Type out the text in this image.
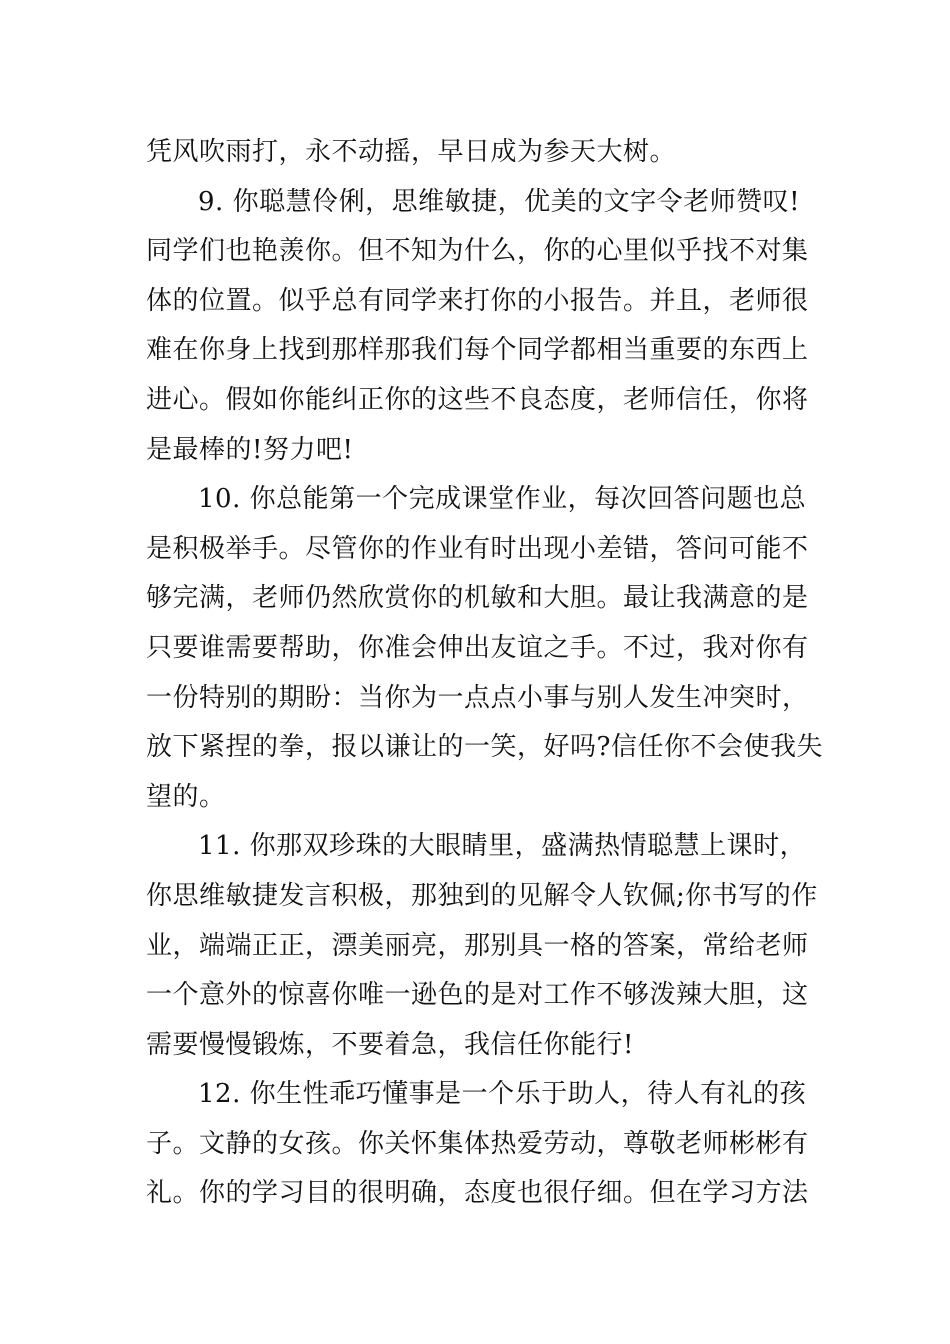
凭风吹雨打，永不动摇，早日成为参天大树。
9. 你聪慧伶俐，思维敏捷，优美的文字令老师赞叹!
同学们也艳羡你。但不知为什么，你的心里似乎找不对集
体的位置。似乎总有同学来打你的小报告。并且，老师很
难在你身上找到那样那我们每个同学都相当重要的东西上
进心。假如你能纠正你的这些不良态度，老师信任，你将
是最棒的!努力吧!
10. 你总能第一个完成课堂作业，每次回答问题也总
是积极举手。尽管你的作业有时出现小差错，答问可能不
够完满，老师仍然欣赏你的机敏和大胆。最让我满意的是
只要谁需要帮助，你准会伸出友谊之手。不过，我对你有
一份特别的期盼：当你为一点点小事与别人发生冲突时，
放下紧捏的拳，报以谦让的一笑，好吗?信任你不会使我失
望的。
11. 你那双珍珠的大眼睛里，盛满热情聪慧上课时，
你思维敏捷发言积极，那独到的见解令人钦佩;你书写的作
业，端端正正，漂美丽亮，那别具一格的答案，常给老师
一个意外的惊喜你唯一逊色的是对工作不够泼辣大胆，这
需要慢慢锻炼，不要着急，我信任你能行!
12. 你生性乖巧懂事是一个乐于助人，待人有礼的孩
子。文静的女孩。你关怀集体热爱劳动，尊敬老师彬彬有
礼。你的学习目的很明确，态度也很仔细。但在学习方法
